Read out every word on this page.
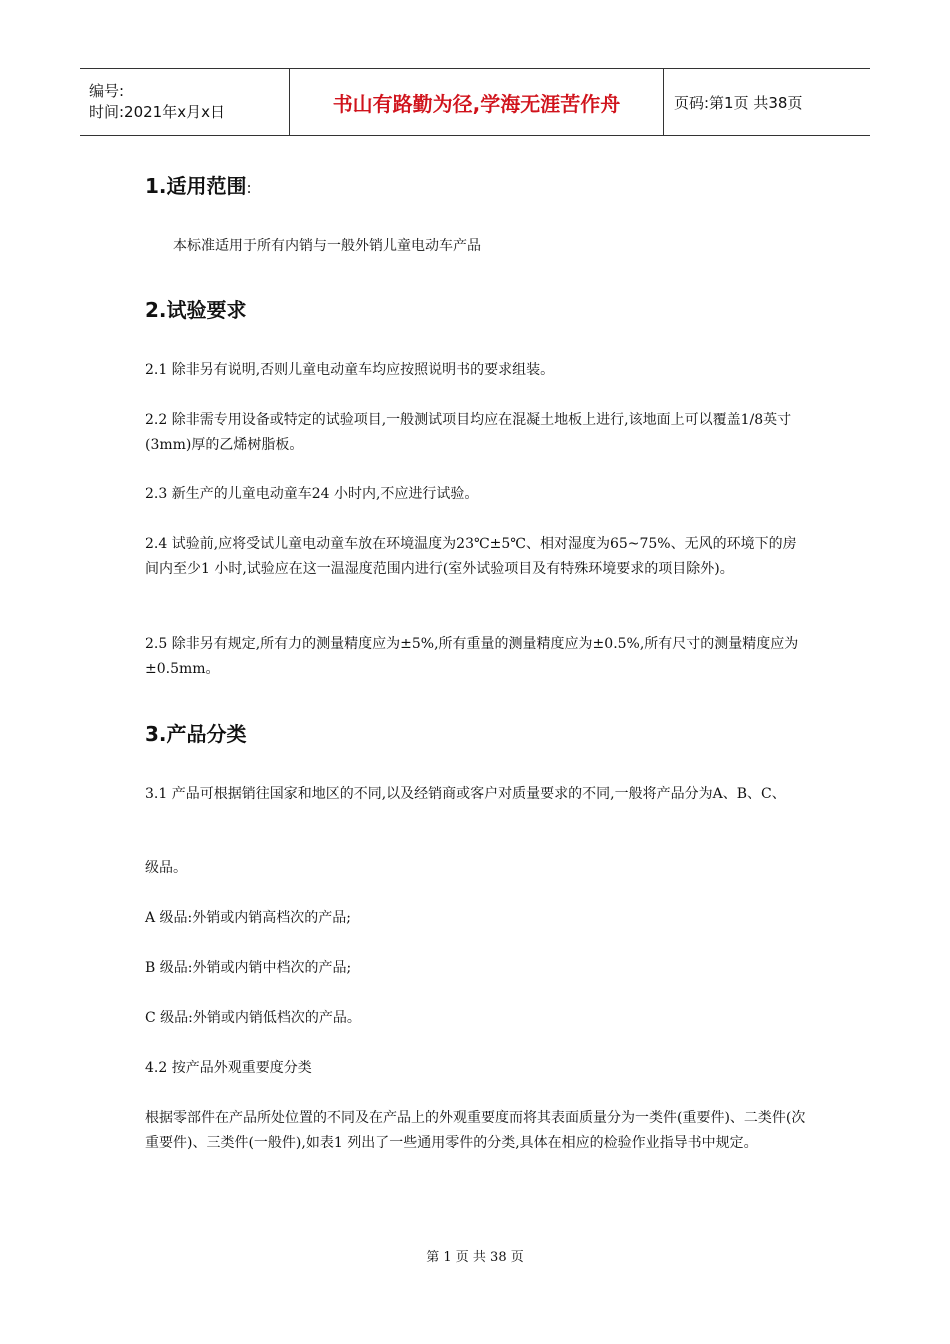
编号:
时间:2021年x月x日	书山有路勤为径,学海无涯苦作舟	页码:第1页 共38页
1.适用范围:

本标准适用于所有内销与一般外销儿童电动车产品

2.试验要求

2.1 除非另有说明,否则儿童电动童车均应按照说明书的要求组装。

2.2 除非需专用设备或特定的试验项目,一般测试项目均应在混凝土地板上进行,该地面上可以覆盖1/8英寸(3mm)厚的乙烯树脂板。

2.3 新生产的儿童电动童车24 小时内,不应进行试验。

2.4 试验前,应将受试儿童电动童车放在环境温度为23℃±5℃、相对湿度为65~75%、无风的环境下的房间内至少1 小时,试验应在这一温湿度范围内进行(室外试验项目及有特殊环境要求的项目除外)。

2.5 除非另有规定,所有力的测量精度应为±5%,所有重量的测量精度应为±0.5%,所有尺寸的测量精度应为±0.5mm。

3.产品分类

3.1 产品可根据销往国家和地区的不同,以及经销商或客户对质量要求的不同,一般将产品分为A、B、C、

级品。

A 级品:外销或内销高档次的产品;

B 级品:外销或内销中档次的产品;

C 级品:外销或内销低档次的产品。

4.2 按产品外观重要度分类

根据零部件在产品所处位置的不同及在产品上的外观重要度而将其表面质量分为一类件(重要件)、二类件(次重要件)、三类件(一般件),如表1 列出了一些通用零件的分类,具体在相应的检验作业指导书中规定。

第 1 页 共 38 页
